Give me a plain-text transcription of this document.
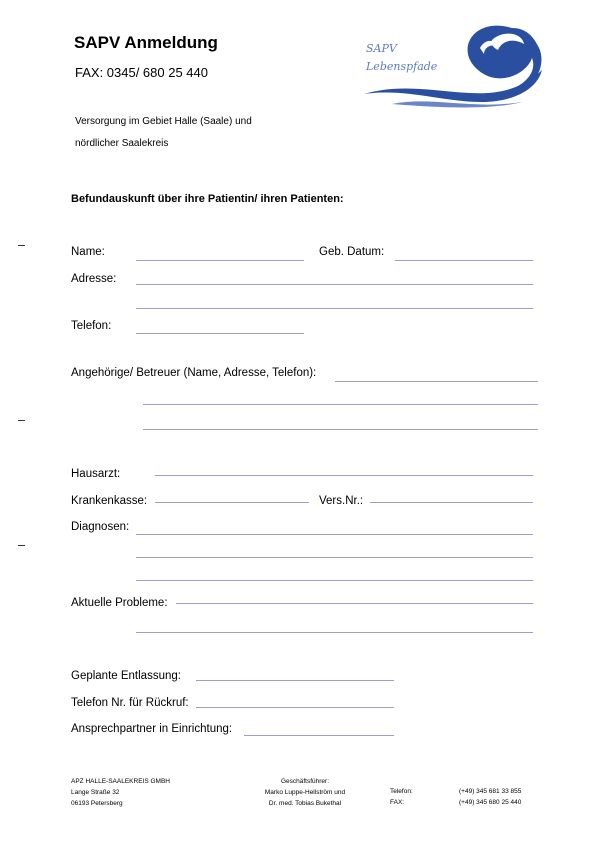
SAPV Anmeldung
FAX: 0345/ 680 25 440
Versorgung im Gebiet Halle (Saale) und
nördlicher Saalekreis
SAPV
Lebenspfade
Befundauskunft über ihre Patientin/ ihren Patienten:
Name:	Geb. Datum:
Adresse:
Telefon:
Angehörige/ Betreuer (Name, Adresse, Telefon):
Hausarzt:
Krankenkasse:	Vers.Nr.:
Diagnosen:
Aktuelle Probleme:
Geplante Entlassung:
Telefon Nr. für Rückruf:
Ansprechpartner in Einrichtung:
APZ HALLE-SAALEKREIS GMBH
Lange Straße 32
06193 Petersberg
Geschäftsführer:
Marko Luppe-Hellström und
Dr. med. Tobias Bukethal
Telefon:
FAX:
(+49) 345 681 33 855
(+49) 345 680 25 440
